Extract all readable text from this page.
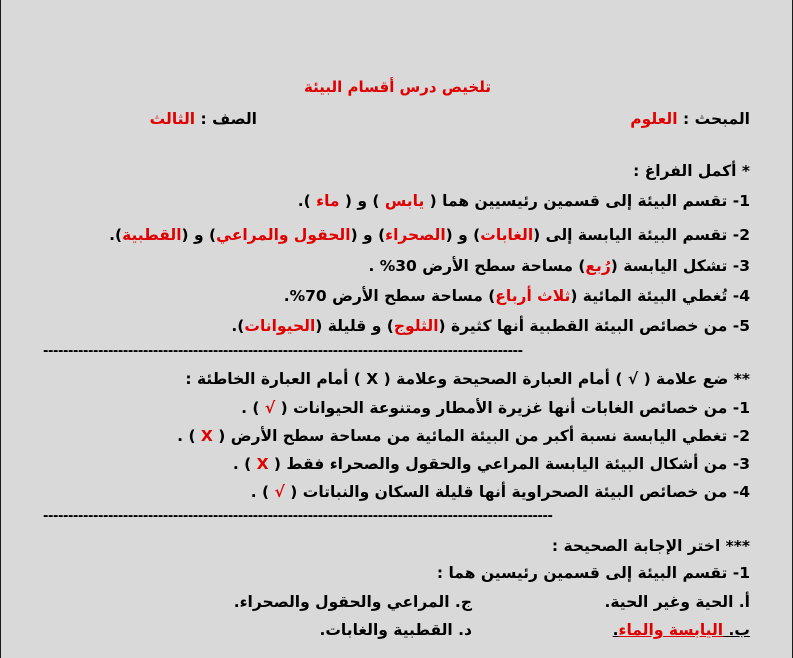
تلخيص درس أقسام البيئة
المبحث : العلوم
الصف : الثالث
* أكمل الفراغ :
1- تقسم البيئة إلى قسمين رئيسيين هما ( يابس ) و ( ماء ).
2- تقسم البيئة اليابسة إلى (الغابات) و (الصحراء) و (الحقول والمراعي) و (القطبية).
3- تشكل اليابسة (رُبع) مساحة سطح الأرض 30% .
4- تُغطي البيئة المائية (ثلاث أرباع) مساحة سطح الأرض 70%.
5- من خصائص البيئة القطبية أنها كثيرة (الثلوج) و قليلة (الحيوانات).
------------------------------------------------------------------------------------------------
** ضع علامة ( √ ) أمام العبارة الصحيحة وعلامة ( X ) أمام العبارة الخاطئة :
1- من خصائص الغابات أنها غزيرة الأمطار ومتنوعة الحيوانات ( √ ) .
2- تغطي اليابسة نسبة أكبر من البيئة المائية من مساحة سطح الأرض ( X ) .
3- من أشكال البيئة اليابسة المراعي والحقول والصحراء فقط ( X ) .
4- من خصائص البيئة الصحراوية أنها قليلة السكان والنباتات ( √ ) .
------------------------------------------------------------------------------------------------------
*** اختر الإجابة الصحيحة :
1- تقسم البيئة إلى قسمين رئيسين هما :
أ. الحية وغير الحية.
ج. المراعي والحقول والصحراء.
ب. اليابسة والماء.
د. القطبية والغابات.
